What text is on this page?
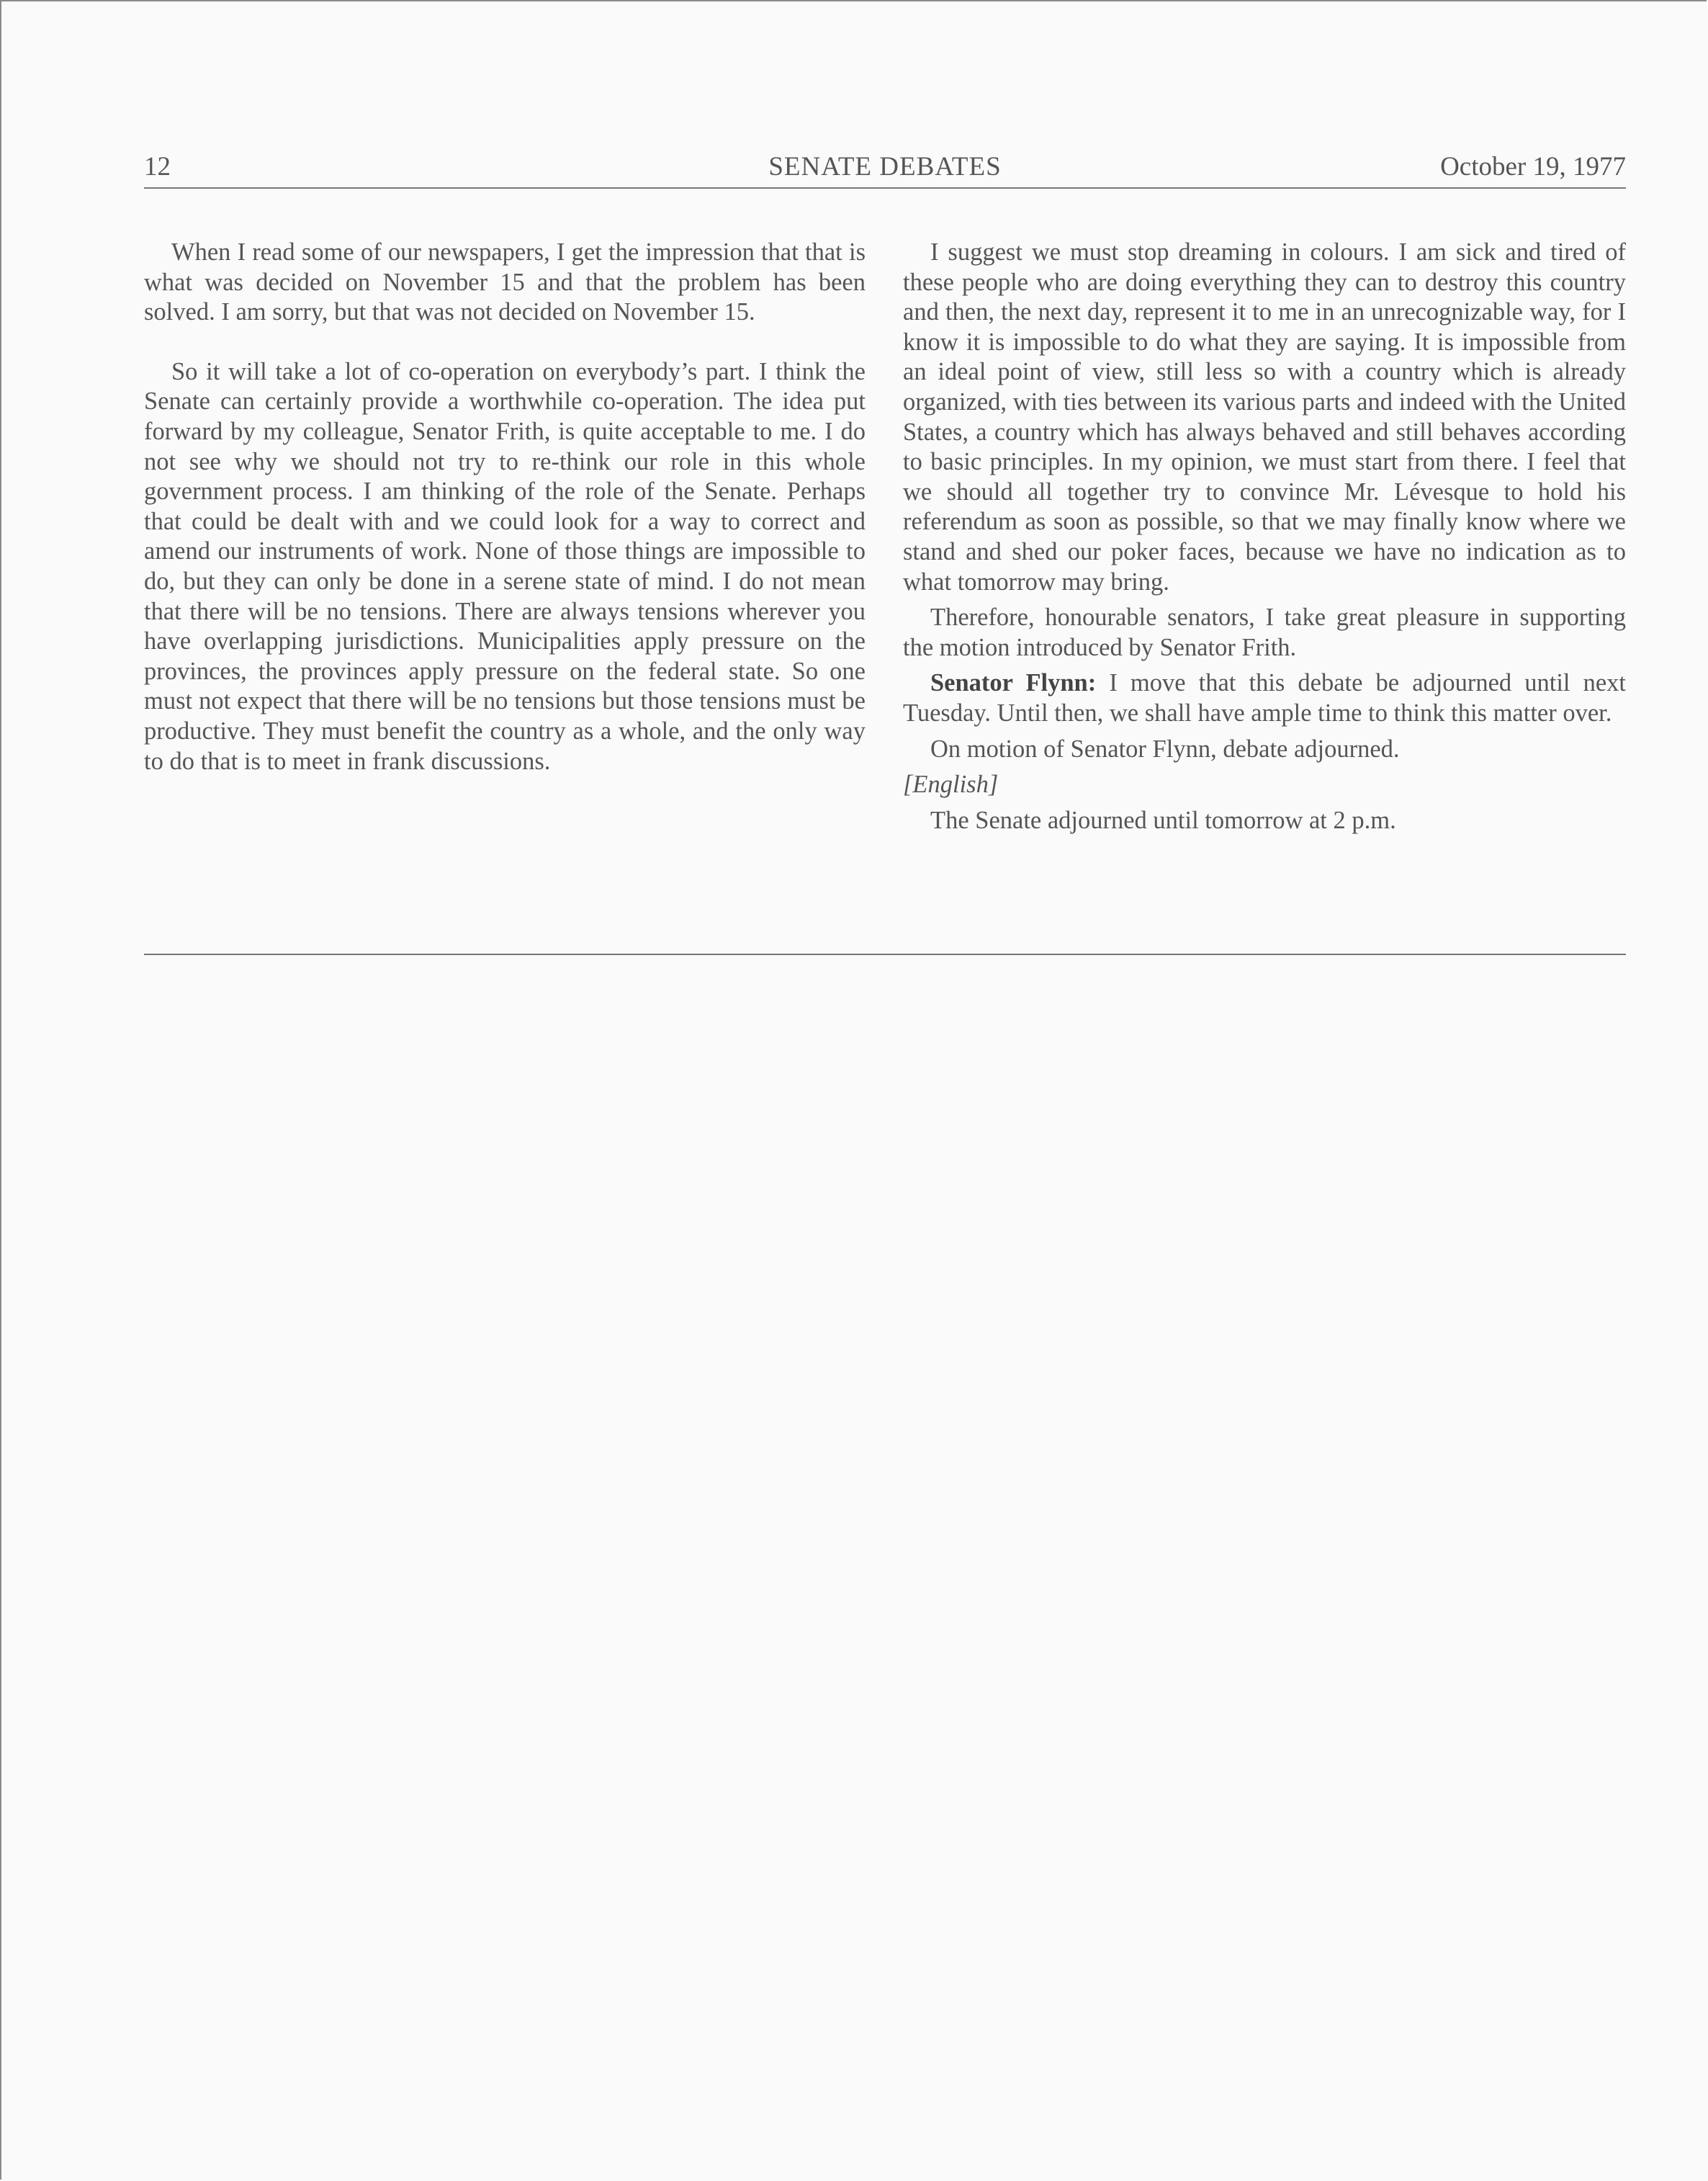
12	SENATE DEBATES	October 19, 1977

When I read some of our newspapers, I get the impression that that is what was decided on November 15 and that the problem has been solved. I am sorry, but that was not decided on November 15.

So it will take a lot of co-operation on everybody’s part. I think the Senate can certainly provide a worthwhile co-operation. The idea put forward by my colleague, Senator Frith, is quite acceptable to me. I do not see why we should not try to re-think our role in this whole government process. I am thinking of the role of the Senate. Perhaps that could be dealt with and we could look for a way to correct and amend our instruments of work. None of those things are impossible to do, but they can only be done in a serene state of mind. I do not mean that there will be no tensions. There are always tensions wherever you have overlapping jurisdictions. Municipalities apply pressure on the provinces, the provinces apply pressure on the federal state. So one must not expect that there will be no tensions but those tensions must be productive. They must benefit the country as a whole, and the only way to do that is to meet in frank discussions.

I suggest we must stop dreaming in colours. I am sick and tired of these people who are doing everything they can to destroy this country and then, the next day, represent it to me in an unrecognizable way, for I know it is impossible to do what they are saying. It is impossible from an ideal point of view, still less so with a country which is already organized, with ties between its various parts and indeed with the United States, a country which has always behaved and still behaves according to basic principles. In my opinion, we must start from there. I feel that we should all together try to convince Mr. Lévesque to hold his referendum as soon as possible, so that we may finally know where we stand and shed our poker faces, because we have no indication as to what tomorrow may bring.

Therefore, honourable senators, I take great pleasure in supporting the motion introduced by Senator Frith.

Senator Flynn: I move that this debate be adjourned until next Tuesday. Until then, we shall have ample time to think this matter over.

On motion of Senator Flynn, debate adjourned.

[English]

The Senate adjourned until tomorrow at 2 p.m.
